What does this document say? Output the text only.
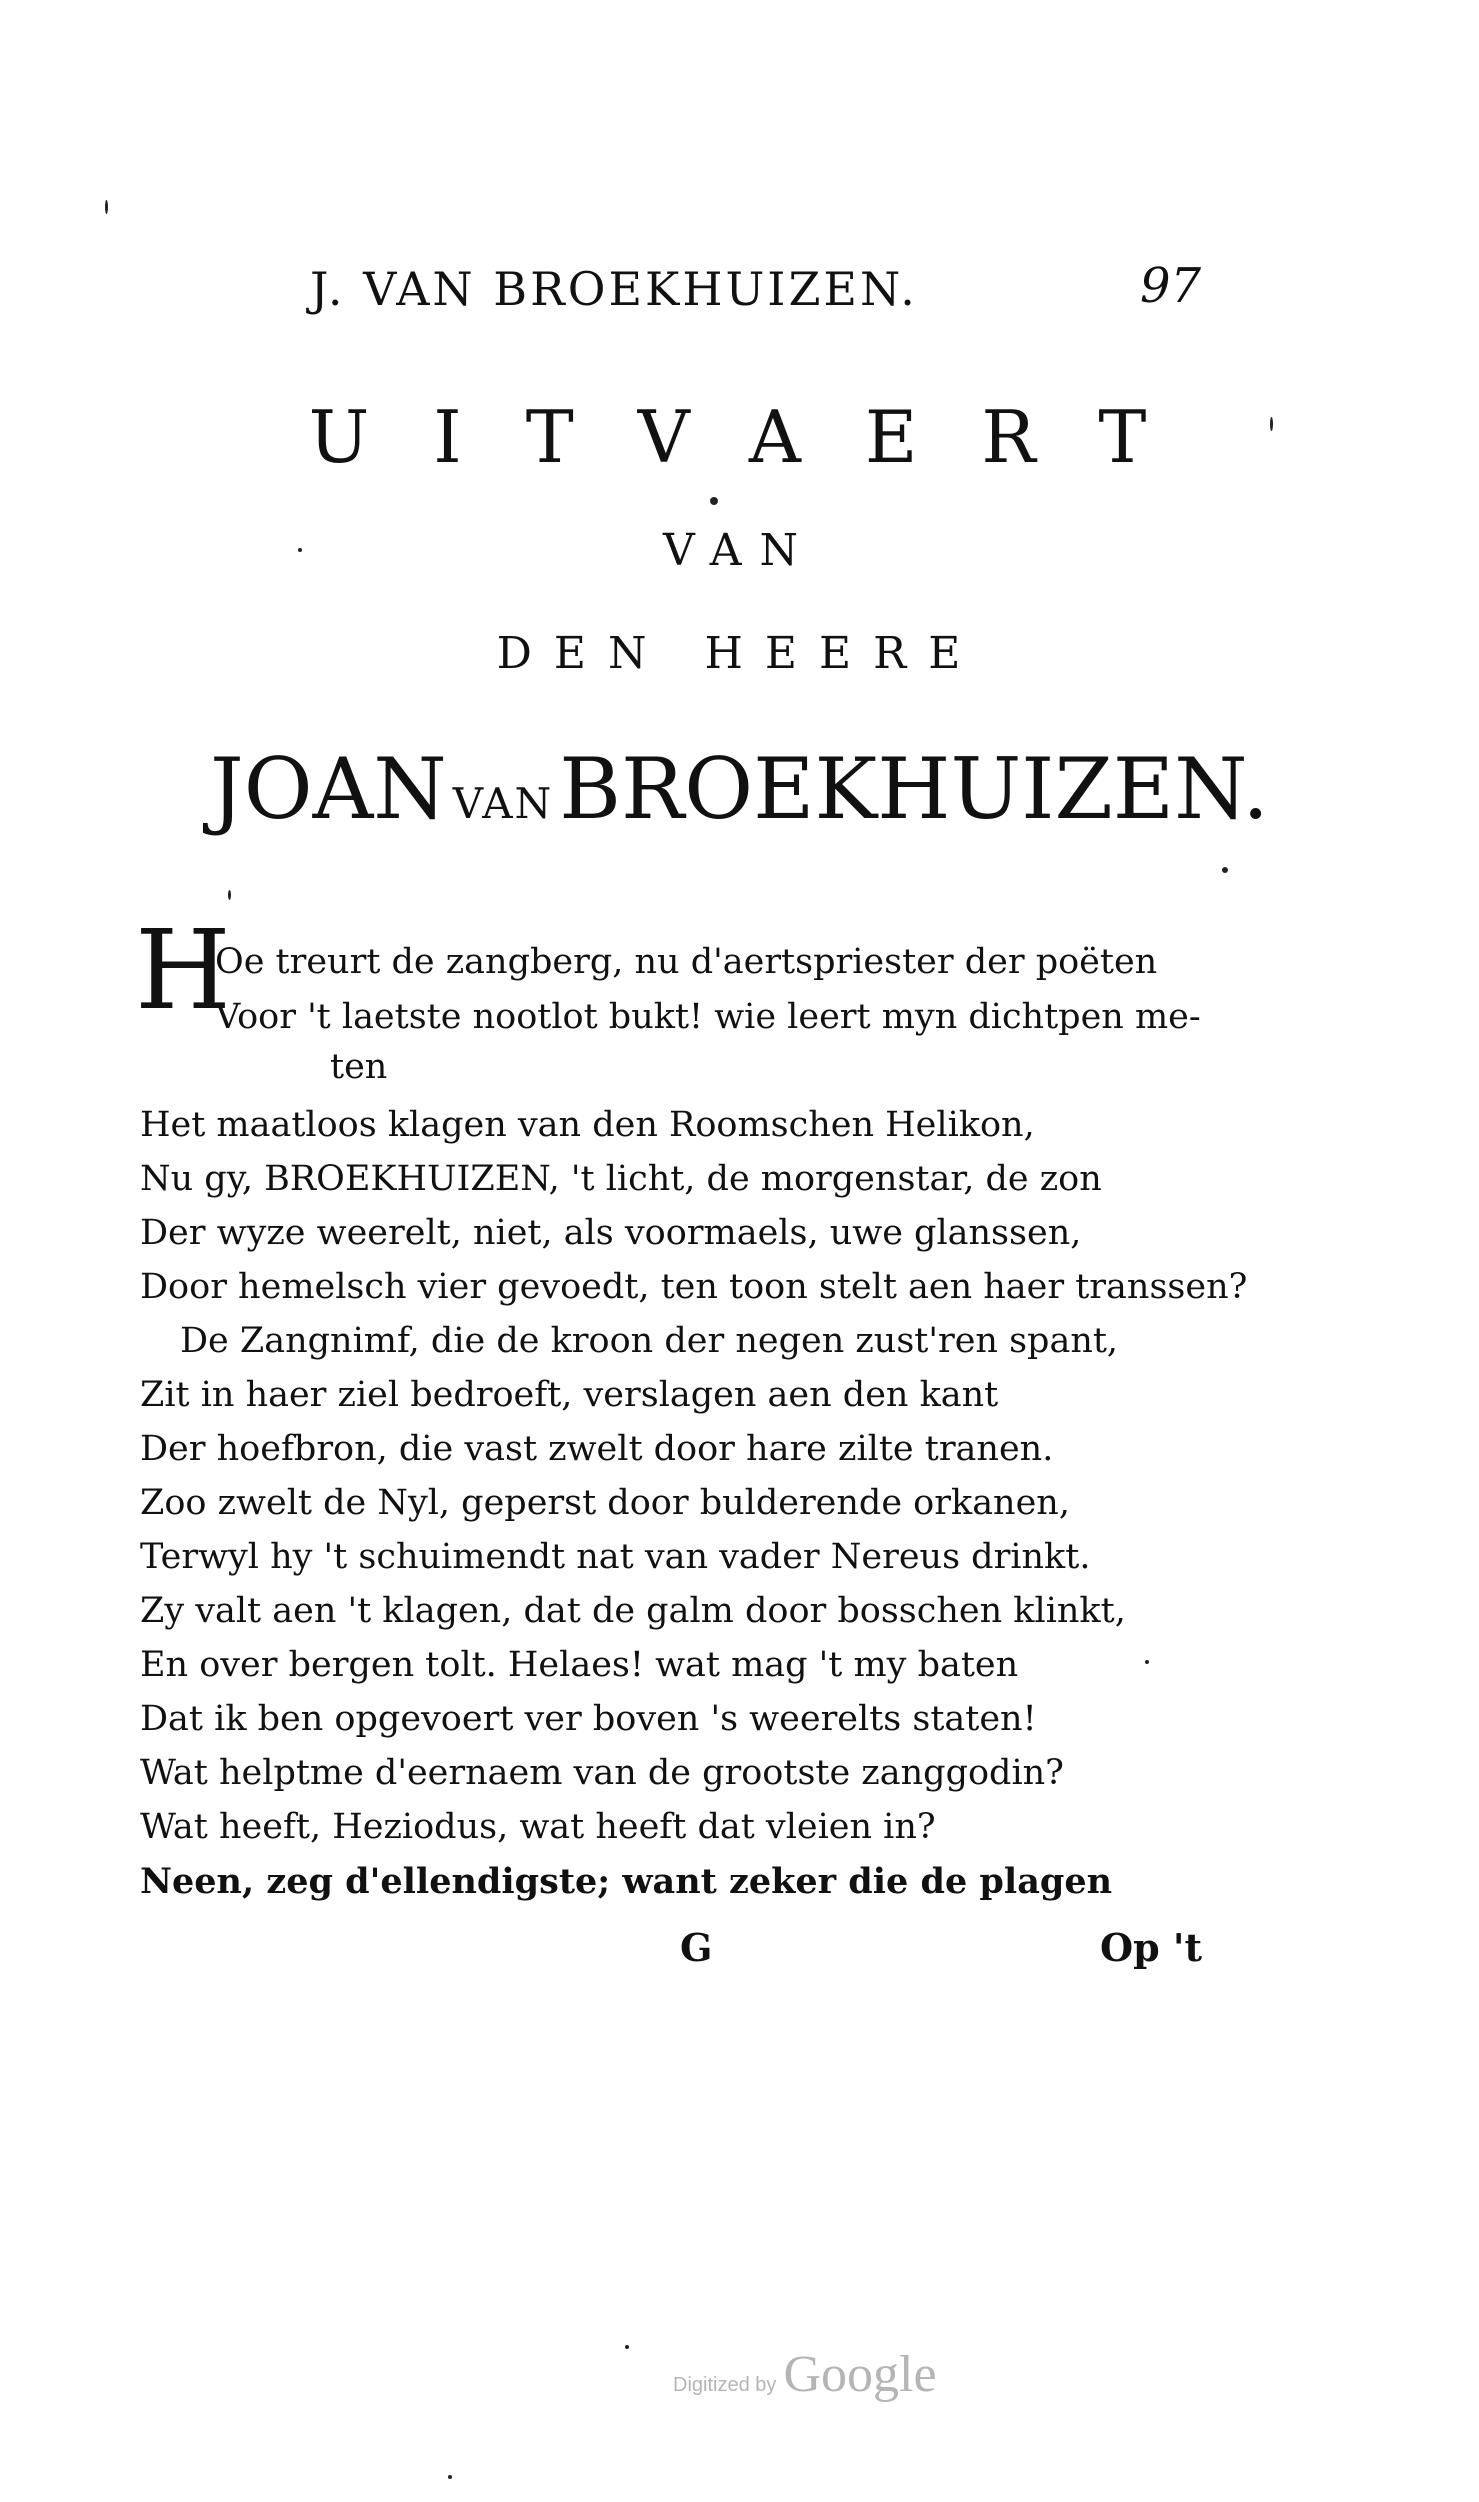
J. VAN BROEKHUIZEN.	97
UITVAERT
VAN
DEN HEERE
JOAN VANBROEKHUIZEN.
H
Oe treurt de zangberg, nu d'aertspriester der poëten
Voor 't laetste nootlot bukt! wie leert myn dichtpen me-
ten
Het maatloos klagen van den Roomschen Helikon,
Nu gy, BROEKHUIZEN, 't licht, de morgenstar, de zon
Der wyze weerelt, niet, als voormaels, uwe glanssen,
Door hemelsch vier gevoedt, ten toon stelt aen haer transsen?
De Zangnimf, die de kroon der negen zust'ren spant,
Zit in haer ziel bedroeft, verslagen aen den kant
Der hoefbron, die vast zwelt door hare zilte tranen.
Zoo zwelt de Nyl, geperst door bulderende orkanen,
Terwyl hy 't schuimendt nat van vader Nereus drinkt.
Zy valt aen 't klagen, dat de galm door bosschen klinkt,
En over bergen tolt. Helaes! wat mag 't my baten
Dat ik ben opgevoert ver boven 's weerelts staten!
Wat helptme d'eernaem van de grootste zanggodin?
Wat heeft, Heziodus, wat heeft dat vleien in?
Neen, zeg d'ellendigste; want zeker die de plagen
G	Op 't
Digitized by Google
